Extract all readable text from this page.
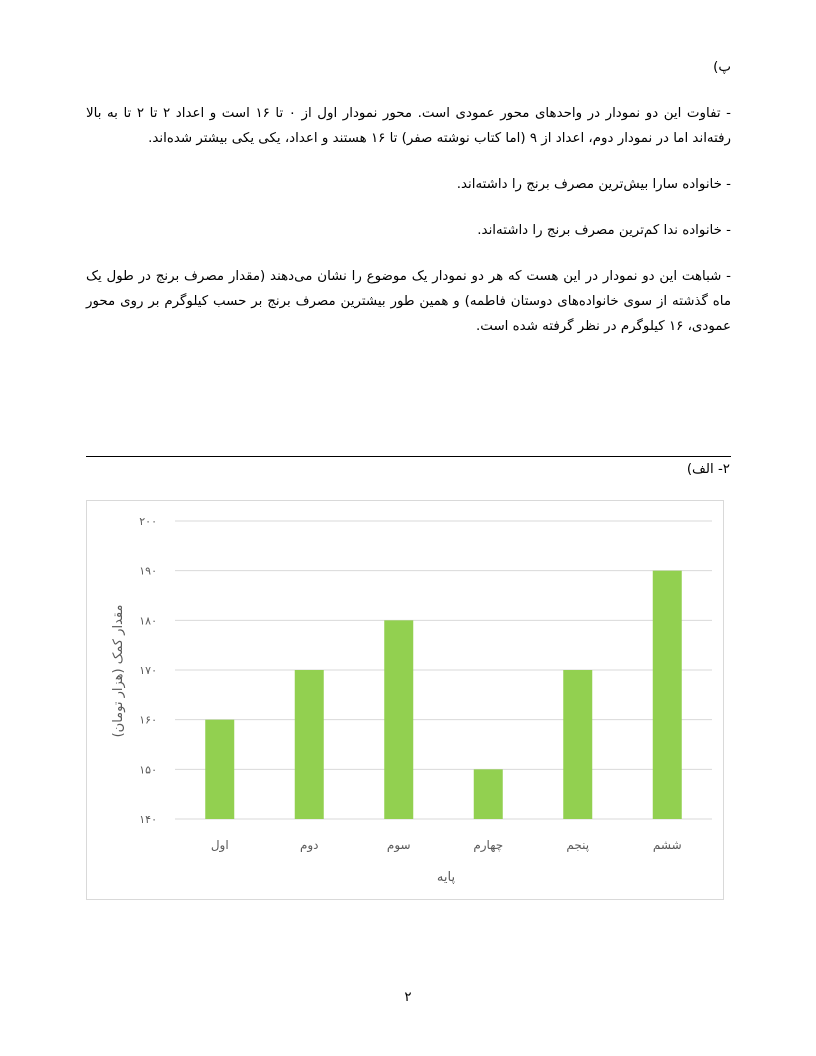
پ)

- تفاوت این دو نمودار در واحدهای محور عمودی است. محور نمودار اول از ۰ تا ۱۶ است و اعداد ۲ تا ۲ تا به بالا رفته‌اند اما در نمودار دوم، اعداد از ۹ (اما کتاب نوشته صفر) تا ۱۶ هستند و اعداد، یکی یکی بیشتر شده‌اند.

- خانواده سارا بیش‌ترین مصرف برنج را داشته‌اند.

- خانواده ندا کم‌ترین مصرف برنج را داشته‌اند.

- شباهت این دو نمودار در این هست که هر دو نمودار یک موضوع را نشان می‌دهند (مقدار مصرف برنج در طول یک ماه گذشته از سوی خانواده‌های دوستان فاطمه) و همین طور بیشترین مصرف برنج بر حسب کیلوگرم بر روی محور عمودی، ۱۶ کیلوگرم در نظر گرفته شده است.

۲- الف)
۱۴۰
۱۵۰
۱۶۰
۱۷۰
۱۸۰
۱۹۰
۲۰۰
اول	دوم	سوم	چهارم	پنجم	ششم
مقدار کمک (هزار تومان)
پایه
۲
